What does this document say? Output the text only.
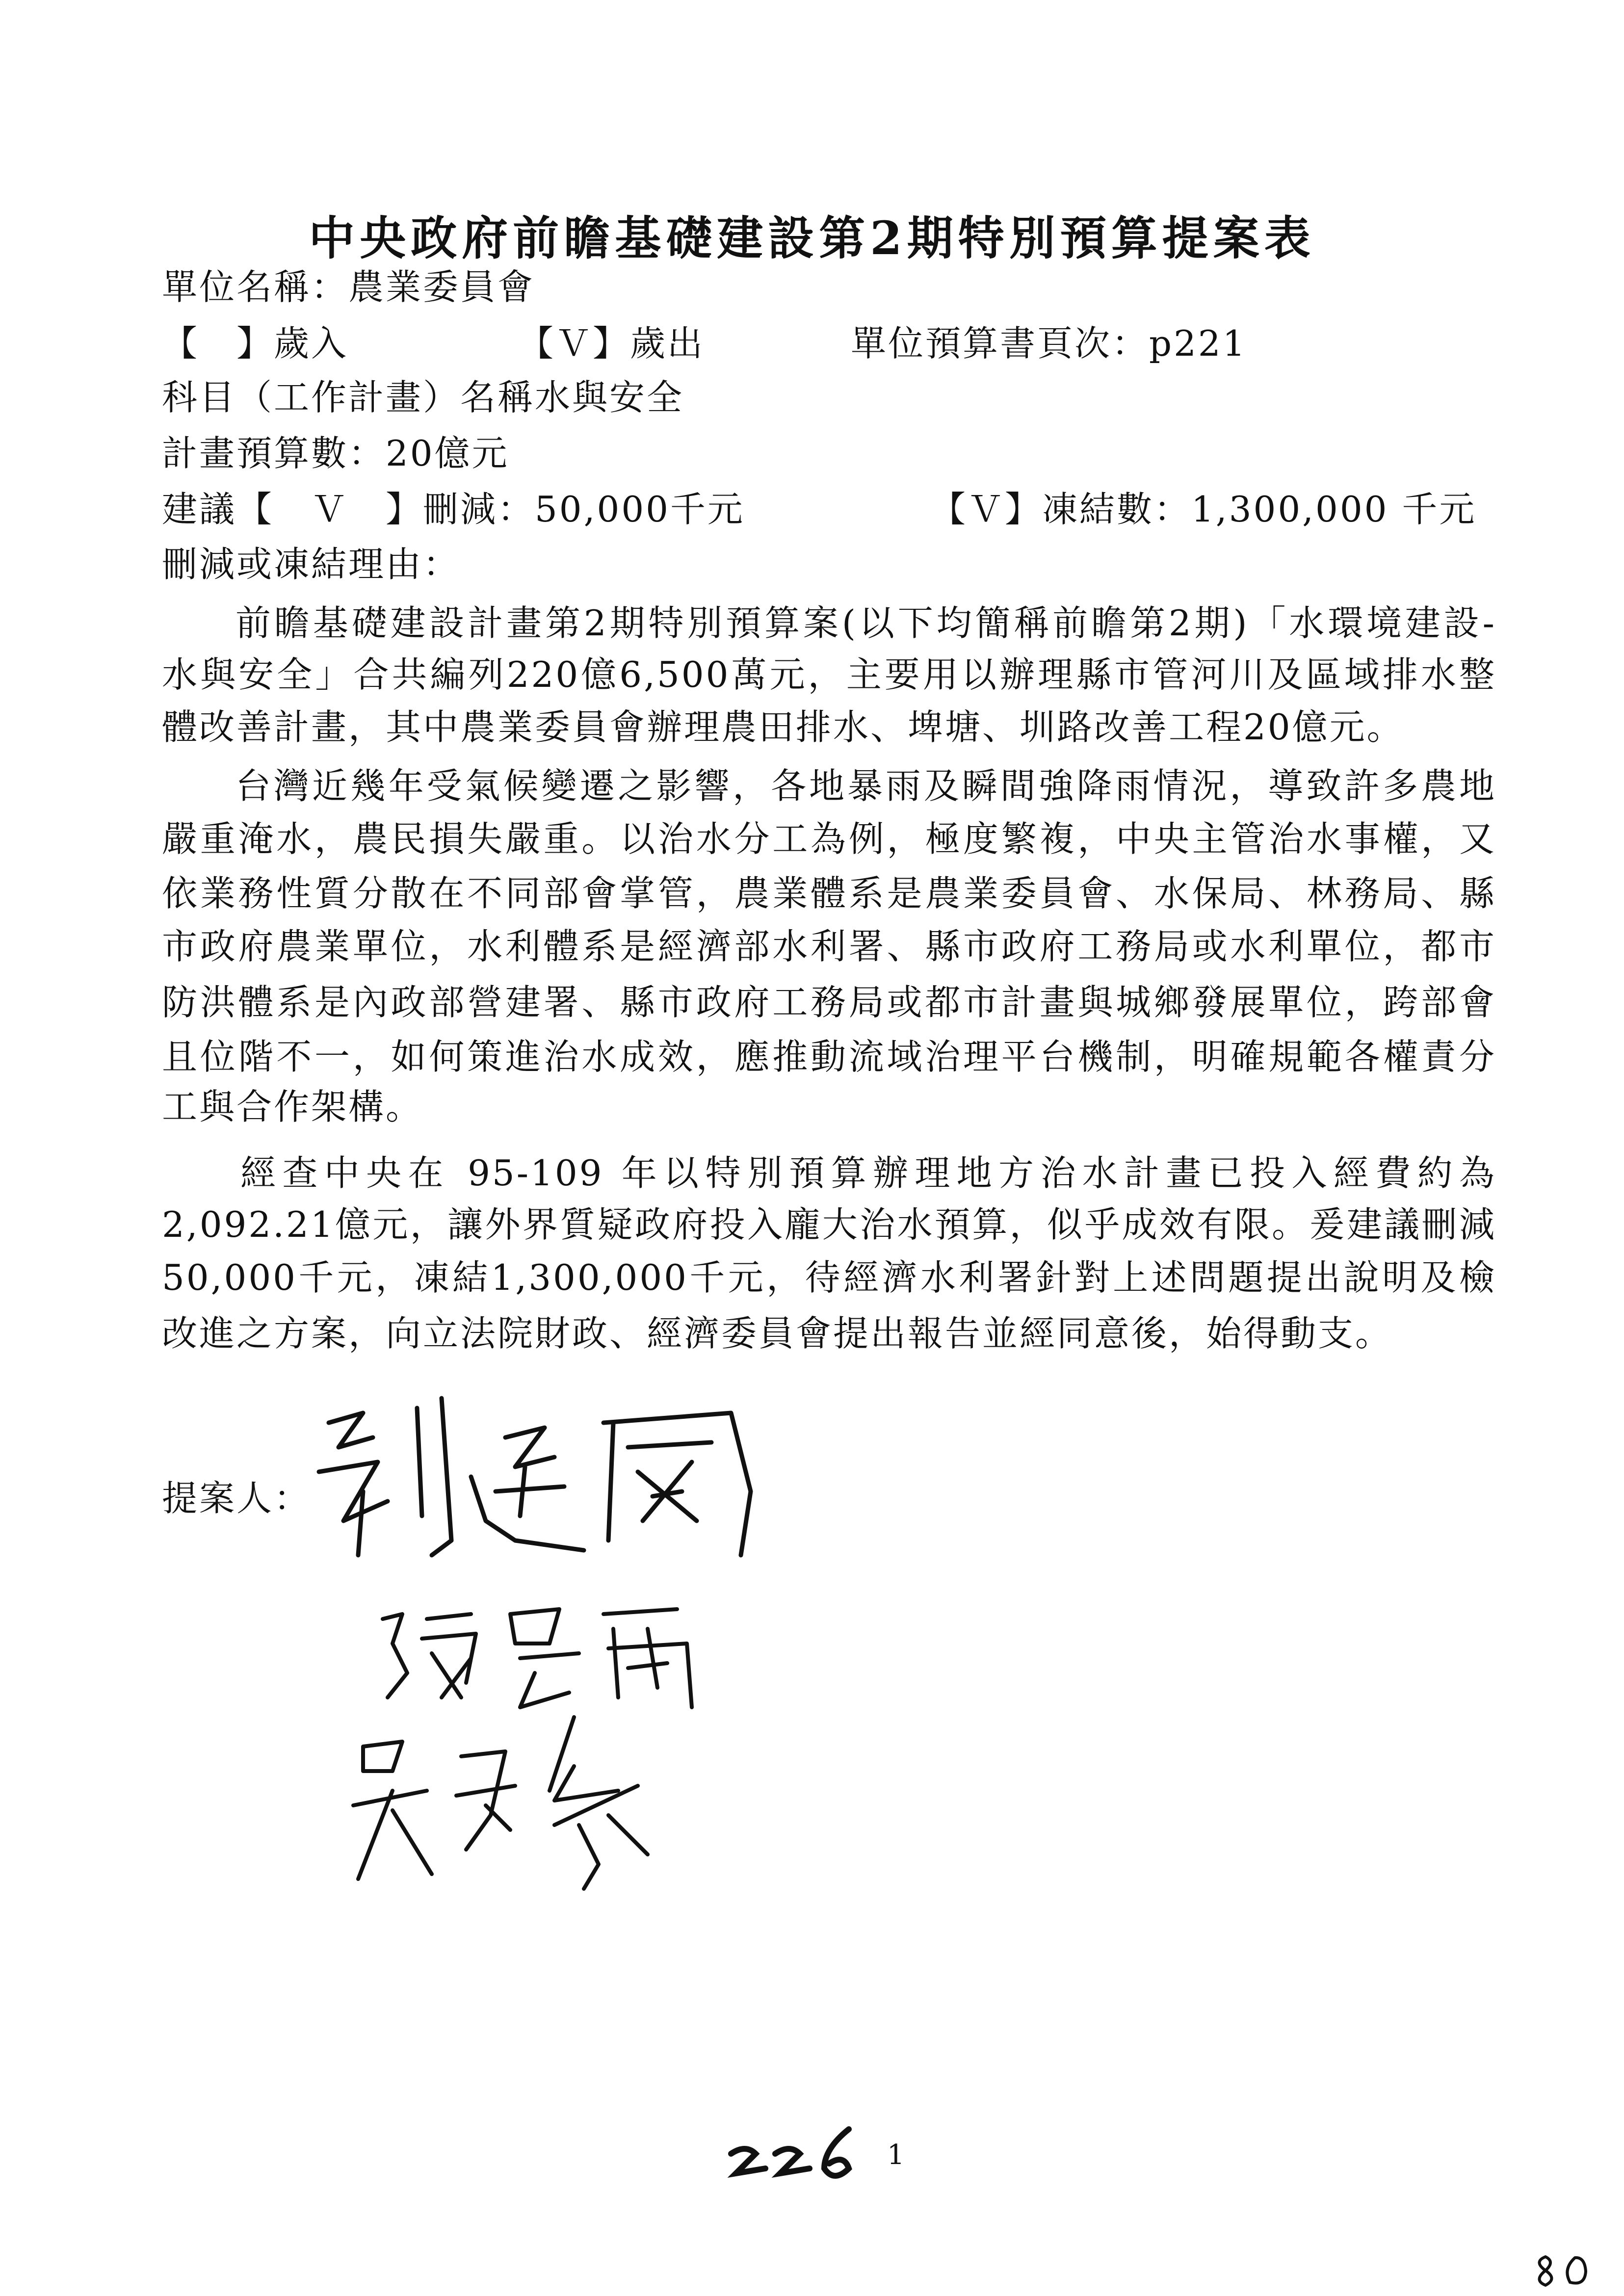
中央政府前瞻基礎建設第2期特別預算提案表
單位名稱：農業委員會
【　】歲入	【Ｖ】歲出	單位預算書頁次：p221
科目（工作計畫）名稱水與安全
計畫預算數：20億元
建議【　Ｖ　】刪減：50,000千元	【Ｖ】凍結數：1,300,000 千元
刪減或凍結理由：
前瞻基礎建設計畫第2期特別預算案(以下均簡稱前瞻第2期)「水環境建設-
水與安全」合共編列220億6,500萬元，主要用以辦理縣市管河川及區域排水整
體改善計畫，其中農業委員會辦理農田排水、埤塘、圳路改善工程20億元。
台灣近幾年受氣候變遷之影響，各地暴雨及瞬間強降雨情況，導致許多農地
嚴重淹水，農民損失嚴重。以治水分工為例，極度繁複，中央主管治水事權，又
依業務性質分散在不同部會掌管，農業體系是農業委員會、水保局、林務局、縣
市政府農業單位，水利體系是經濟部水利署、縣市政府工務局或水利單位，都市
防洪體系是內政部營建署、縣市政府工務局或都市計畫與城鄉發展單位，跨部會
且位階不一，如何策進治水成效，應推動流域治理平台機制，明確規範各權責分
工與合作架構。
經查中央在 95-109 年以特別預算辦理地方治水計畫已投入經費約為
2,092.21億元，讓外界質疑政府投入龐大治水預算，似乎成效有限。爰建議刪減
50,000千元，凍結1,300,000千元，待經濟水利署針對上述問題提出說明及檢
改進之方案，向立法院財政、經濟委員會提出報告並經同意後，始得動支。
提案人：
1
